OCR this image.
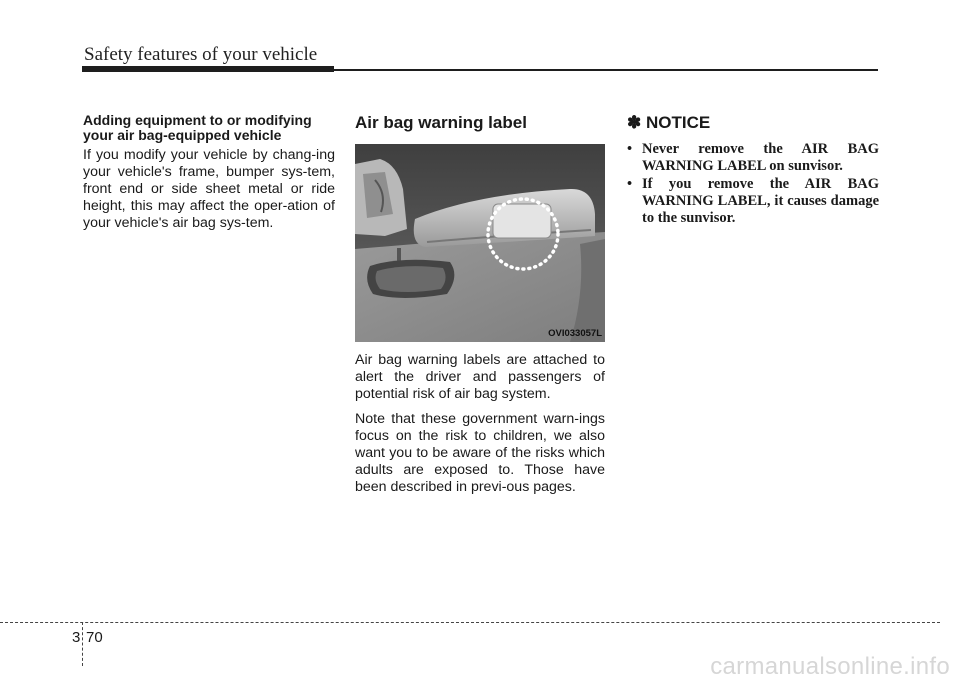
Safety features of your vehicle
Adding equipment to or modifying your air bag-equipped vehicle

If you modify your vehicle by chang-ing your vehicle's frame, bumper sys-tem, front end or side sheet metal or ride height, this may affect the oper-ation of your vehicle's air bag sys-tem.

Air bag warning label
OVI033057L

Air bag warning labels are attached to alert the driver and passengers of potential risk of air bag system.

Note that these government warn-ings focus on the risk to children, we also want you to be aware of the risks which adults are exposed to. Those have been described in previ-ous pages.

✽ NOTICE
• Never remove the AIR BAG WARNING LABEL on sunvisor.
• If you remove the AIR BAG WARNING LABEL, it causes damage to the sunvisor.
3 70
carmanualsonline.info
